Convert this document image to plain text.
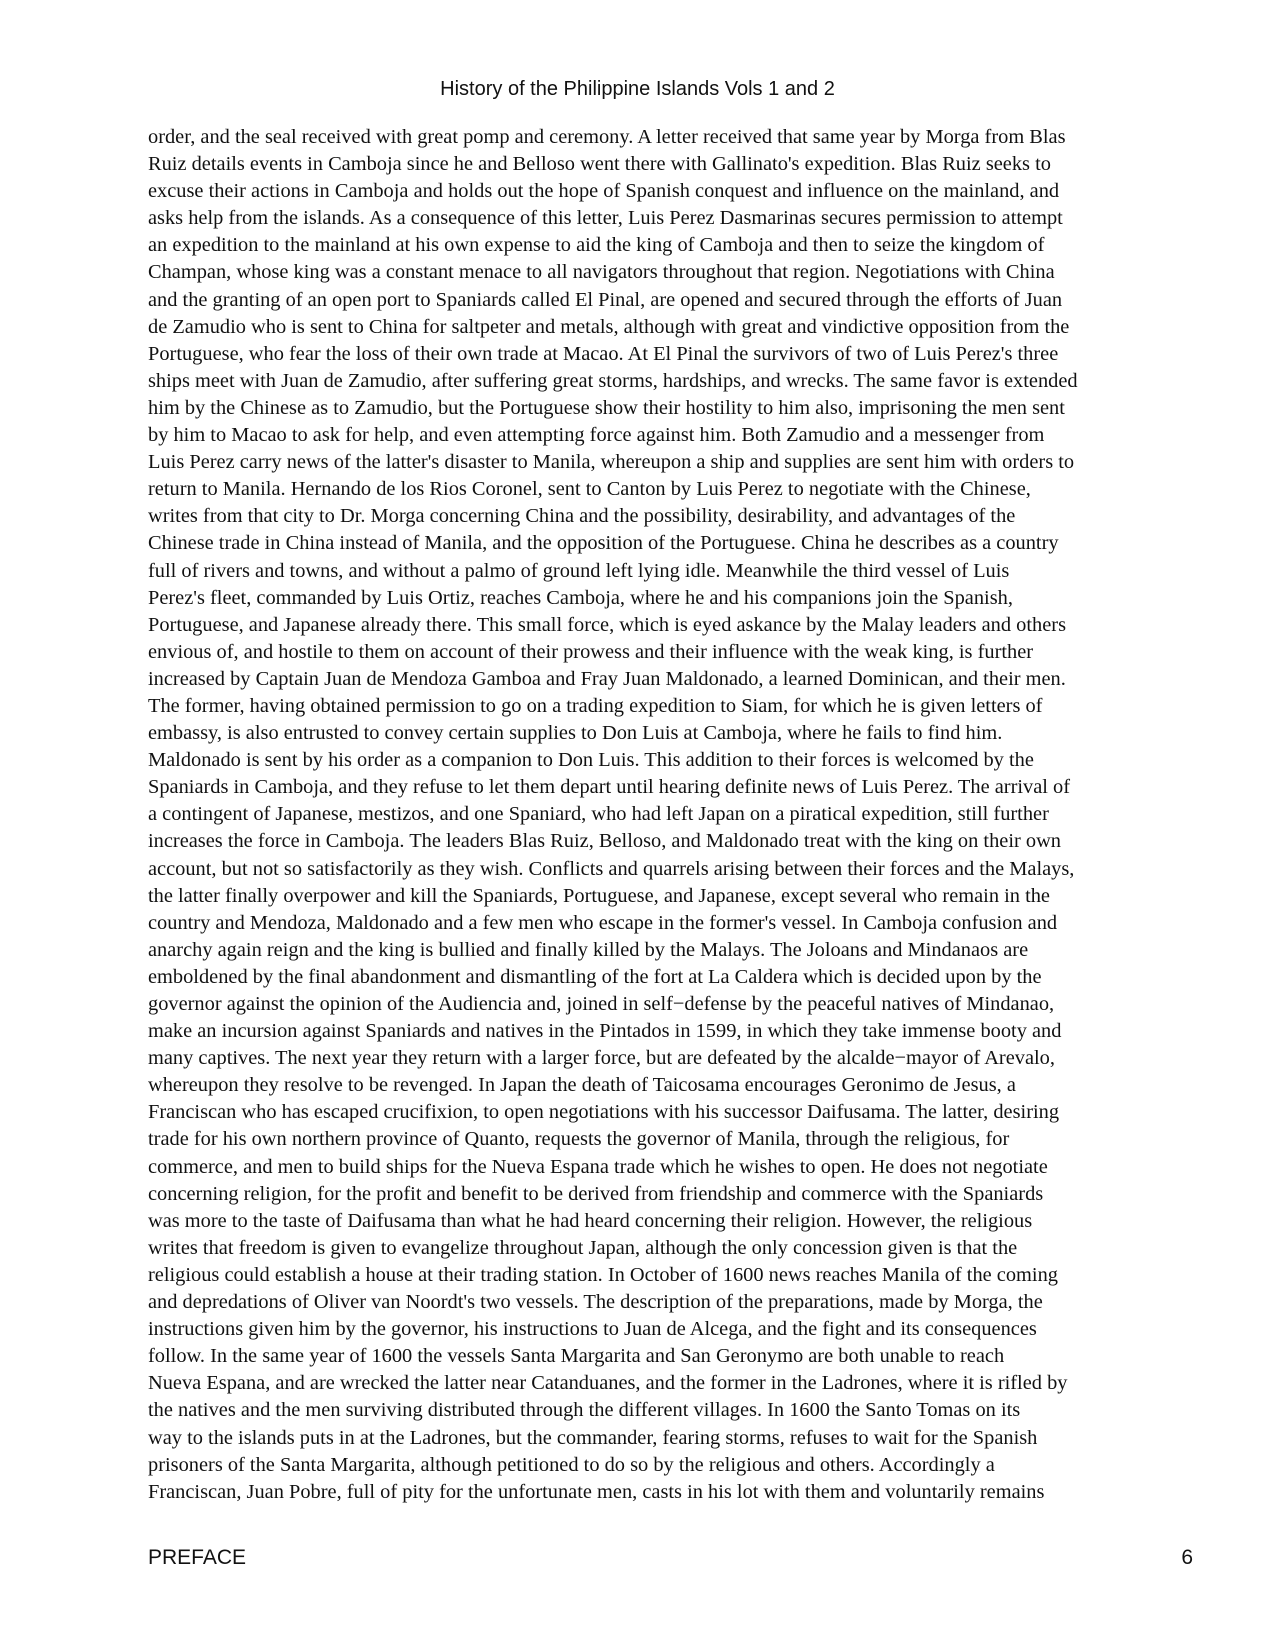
History of the Philippine Islands Vols 1 and 2
order, and the seal received with great pomp and ceremony. A letter received that same year by Morga from Blas
Ruiz details events in Camboja since he and Belloso went there with Gallinato's expedition. Blas Ruiz seeks to
excuse their actions in Camboja and holds out the hope of Spanish conquest and influence on the mainland, and
asks help from the islands. As a consequence of this letter, Luis Perez Dasmarinas secures permission to attempt
an expedition to the mainland at his own expense to aid the king of Camboja and then to seize the kingdom of
Champan, whose king was a constant menace to all navigators throughout that region. Negotiations with China
and the granting of an open port to Spaniards called El Pinal, are opened and secured through the efforts of Juan
de Zamudio who is sent to China for saltpeter and metals, although with great and vindictive opposition from the
Portuguese, who fear the loss of their own trade at Macao. At El Pinal the survivors of two of Luis Perez's three
ships meet with Juan de Zamudio, after suffering great storms, hardships, and wrecks. The same favor is extended
him by the Chinese as to Zamudio, but the Portuguese show their hostility to him also, imprisoning the men sent
by him to Macao to ask for help, and even attempting force against him. Both Zamudio and a messenger from
Luis Perez carry news of the latter's disaster to Manila, whereupon a ship and supplies are sent him with orders to
return to Manila. Hernando de los Rios Coronel, sent to Canton by Luis Perez to negotiate with the Chinese,
writes from that city to Dr. Morga concerning China and the possibility, desirability, and advantages of the
Chinese trade in China instead of Manila, and the opposition of the Portuguese. China he describes as a country
full of rivers and towns, and without a palmo of ground left lying idle. Meanwhile the third vessel of Luis
Perez's fleet, commanded by Luis Ortiz, reaches Camboja, where he and his companions join the Spanish,
Portuguese, and Japanese already there. This small force, which is eyed askance by the Malay leaders and others
envious of, and hostile to them on account of their prowess and their influence with the weak king, is further
increased by Captain Juan de Mendoza Gamboa and Fray Juan Maldonado, a learned Dominican, and their men.
The former, having obtained permission to go on a trading expedition to Siam, for which he is given letters of
embassy, is also entrusted to convey certain supplies to Don Luis at Camboja, where he fails to find him.
Maldonado is sent by his order as a companion to Don Luis. This addition to their forces is welcomed by the
Spaniards in Camboja, and they refuse to let them depart until hearing definite news of Luis Perez. The arrival of
a contingent of Japanese, mestizos, and one Spaniard, who had left Japan on a piratical expedition, still further
increases the force in Camboja. The leaders Blas Ruiz, Belloso, and Maldonado treat with the king on their own
account, but not so satisfactorily as they wish. Conflicts and quarrels arising between their forces and the Malays,
the latter finally overpower and kill the Spaniards, Portuguese, and Japanese, except several who remain in the
country and Mendoza, Maldonado and a few men who escape in the former's vessel. In Camboja confusion and
anarchy again reign and the king is bullied and finally killed by the Malays. The Joloans and Mindanaos are
emboldened by the final abandonment and dismantling of the fort at La Caldera which is decided upon by the
governor against the opinion of the Audiencia and, joined in self−defense by the peaceful natives of Mindanao,
make an incursion against Spaniards and natives in the Pintados in 1599, in which they take immense booty and
many captives. The next year they return with a larger force, but are defeated by the alcalde−mayor of Arevalo,
whereupon they resolve to be revenged. In Japan the death of Taicosama encourages Geronimo de Jesus, a
Franciscan who has escaped crucifixion, to open negotiations with his successor Daifusama. The latter, desiring
trade for his own northern province of Quanto, requests the governor of Manila, through the religious, for
commerce, and men to build ships for the Nueva Espana trade which he wishes to open. He does not negotiate
concerning religion, for the profit and benefit to be derived from friendship and commerce with the Spaniards
was more to the taste of Daifusama than what he had heard concerning their religion. However, the religious
writes that freedom is given to evangelize throughout Japan, although the only concession given is that the
religious could establish a house at their trading station. In October of 1600 news reaches Manila of the coming
and depredations of Oliver van Noordt's two vessels. The description of the preparations, made by Morga, the
instructions given him by the governor, his instructions to Juan de Alcega, and the fight and its consequences
follow. In the same year of 1600 the vessels Santa Margarita and San Geronymo are both unable to reach
Nueva Espana, and are wrecked the latter near Catanduanes, and the former in the Ladrones, where it is rifled by
the natives and the men surviving distributed through the different villages. In 1600 the Santo Tomas on its
way to the islands puts in at the Ladrones, but the commander, fearing storms, refuses to wait for the Spanish
prisoners of the Santa Margarita, although petitioned to do so by the religious and others. Accordingly a
Franciscan, Juan Pobre, full of pity for the unfortunate men, casts in his lot with them and voluntarily remains
PREFACE	6
